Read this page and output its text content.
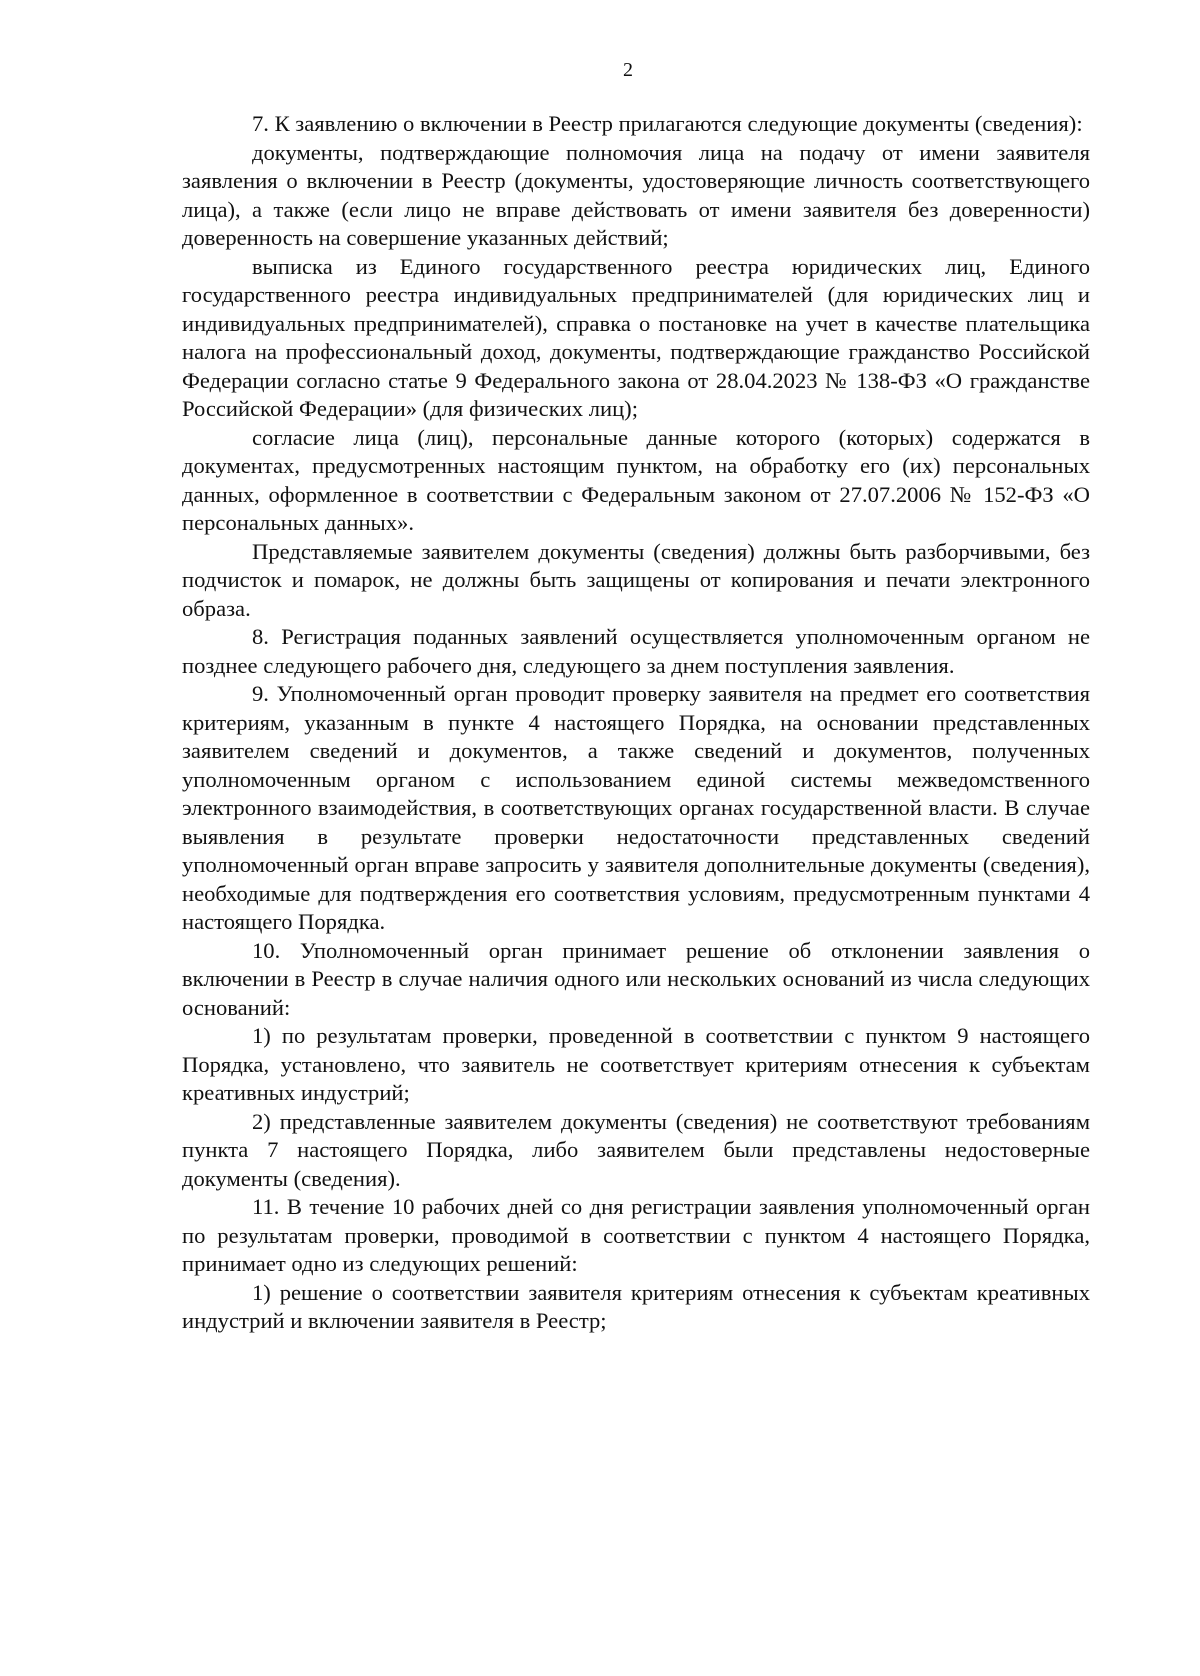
2

7. К заявлению о включении в Реестр прилагаются следующие документы (сведения):

документы, подтверждающие полномочия лица на подачу от имени заявителя заявления о включении в Реестр (документы, удостоверяющие личность соответствующего лица), а также (если лицо не вправе действовать от имени заявителя без доверенности) доверенность на совершение указанных действий;

выписка из Единого государственного реестра юридических лиц, Единого государственного реестра индивидуальных предпринимателей (для юридических лиц и индивидуальных предпринимателей), справка о постановке на учет в качестве плательщика налога на профессиональный доход, документы, подтверждающие гражданство Российской Федерации согласно статье 9 Федерального закона от 28.04.2023 № 138-ФЗ «О гражданстве Российской Федерации» (для физических лиц);

согласие лица (лиц), персональные данные которого (которых) содержатся в документах, предусмотренных настоящим пунктом, на обработку его (их) персональных данных, оформленное в соответствии с Федеральным законом от 27.07.2006 № 152-ФЗ «О персональных данных».

Представляемые заявителем документы (сведения) должны быть разборчивыми, без подчисток и помарок, не должны быть защищены от копирования и печати электронного образа.

8. Регистрация поданных заявлений осуществляется уполномоченным органом не позднее следующего рабочего дня, следующего за днем поступления заявления.

9. Уполномоченный орган проводит проверку заявителя на предмет его соответствия критериям, указанным в пункте 4 настоящего Порядка, на основании представленных заявителем сведений и документов, а также сведений и документов, полученных уполномоченным органом с использованием единой системы межведомственного электронного взаимодействия, в соответствующих органах государственной власти. В случае выявления в результате проверки недостаточности представленных сведений уполномоченный орган вправе запросить у заявителя дополнительные документы (сведения), необходимые для подтверждения его соответствия условиям, предусмотренным пунктами 4 настоящего Порядка.

10. Уполномоченный орган принимает решение об отклонении заявления о включении в Реестр в случае наличия одного или нескольких оснований из числа следующих оснований:

1) по результатам проверки, проведенной в соответствии с пунктом 9 настоящего Порядка, установлено, что заявитель не соответствует критериям отнесения к субъектам креативных индустрий;

2) представленные заявителем документы (сведения) не соответствуют требованиям пункта 7 настоящего Порядка, либо заявителем были представлены недостоверные документы (сведения).

11. В течение 10 рабочих дней со дня регистрации заявления уполномоченный орган по результатам проверки, проводимой в соответствии с пунктом 4 настоящего Порядка, принимает одно из следующих решений:

1) решение о соответствии заявителя критериям отнесения к субъектам креативных индустрий и включении заявителя в Реестр;
